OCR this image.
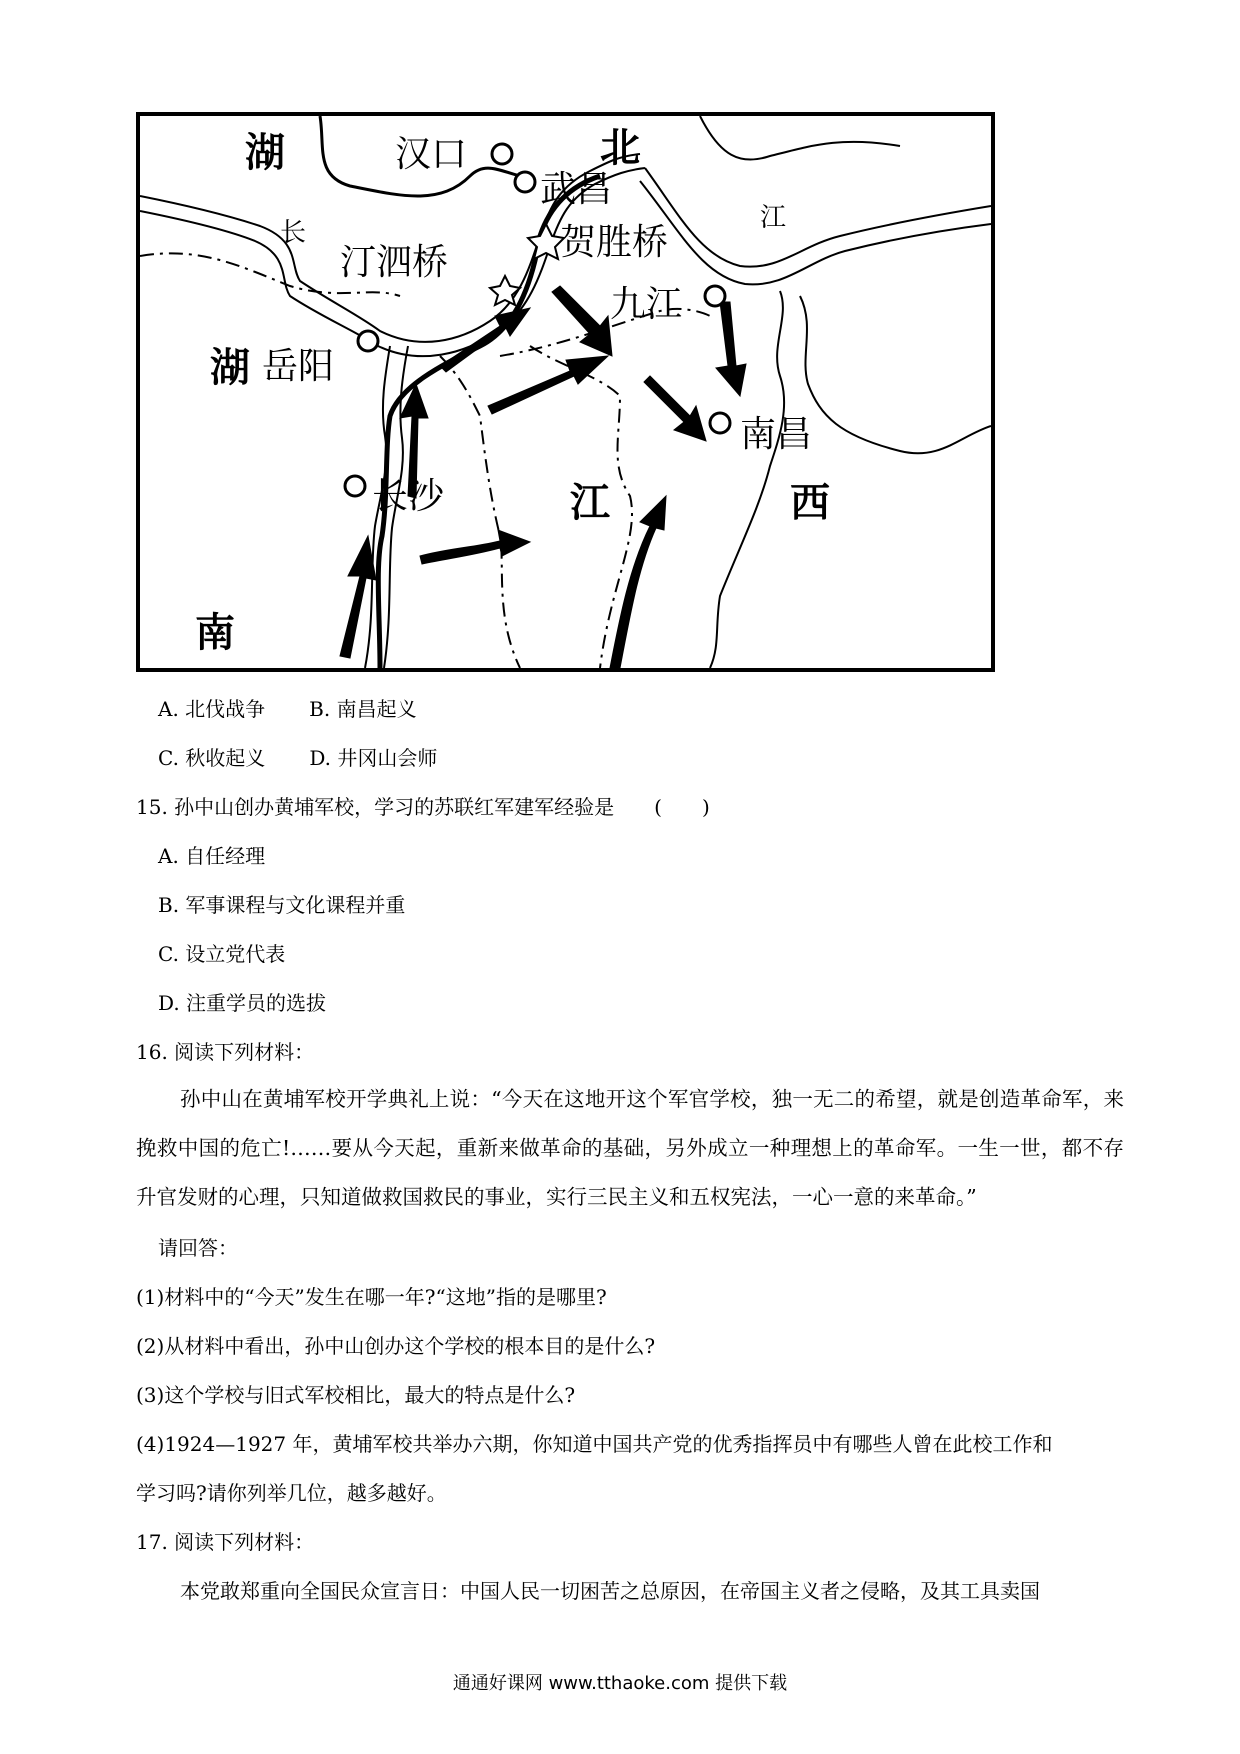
湖	汉口	北
武昌
长
汀泗桥	贺胜桥
江
九江
湖 岳阳
南昌
长沙	江	西
南
A. 北伐战争 B. 南昌起义
C. 秋收起义 D. 井冈山会师
15. 孙中山创办黄埔军校，学习的苏联红军建军经验是 (　　)
A. 自任经理
B. 军事课程与文化课程并重
C. 设立党代表
D. 注重学员的选拔
16. 阅读下列材料：
孙中山在黄埔军校开学典礼上说：“今天在这地开这个军官学校，独一无二的希望，就是创造革命军，来挽救中国的危亡!……要从今天起，重新来做革命的基础，另外成立一种理想上的革命军。一生一世，都不存升官发财的心理，只知道做救国救民的事业，实行三民主义和五权宪法，一心一意的来革命。”
请回答：
(1)材料中的“今天”发生在哪一年?“这地”指的是哪里?
(2)从材料中看出，孙中山创办这个学校的根本目的是什么?
(3)这个学校与旧式军校相比，最大的特点是什么?
(4)1924—1927 年，黄埔军校共举办六期，你知道中国共产党的优秀指挥员中有哪些人曾在此校工作和
学习吗?请你列举几位，越多越好。
17. 阅读下列材料：
本党敢郑重向全国民众宣言日：中国人民一切困苦之总原因，在帝国主义者之侵略，及其工具卖国
通通好课网 www.tthaoke.com 提供下载
